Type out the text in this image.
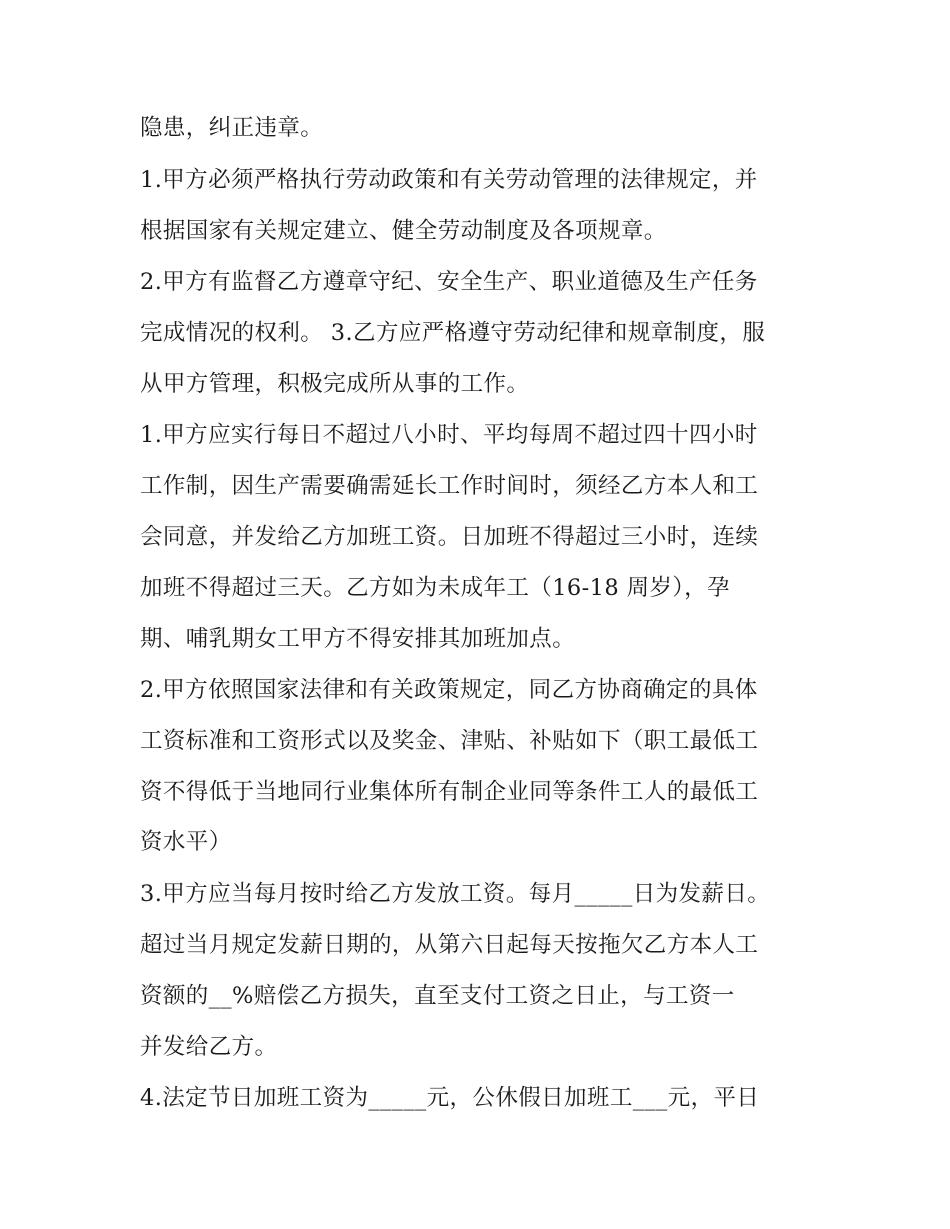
隐患，纠正违章。
1.甲方必须严格执行劳动政策和有关劳动管理的法律规定，并
根据国家有关规定建立、健全劳动制度及各项规章。
2.甲方有监督乙方遵章守纪、安全生产、职业道德及生产任务
完成情况的权利。 3.乙方应严格遵守劳动纪律和规章制度，服
从甲方管理，积极完成所从事的工作。
1.甲方应实行每日不超过八小时、平均每周不超过四十四小时
工作制，因生产需要确需延长工作时间时，须经乙方本人和工
会同意，并发给乙方加班工资。日加班不得超过三小时，连续
加班不得超过三天。乙方如为未成年工（16-18 周岁），孕
期、哺乳期女工甲方不得安排其加班加点。
2.甲方依照国家法律和有关政策规定，同乙方协商确定的具体
工资标准和工资形式以及奖金、津贴、补贴如下（职工最低工
资不得低于当地同行业集体所有制企业同等条件工人的最低工
资水平）
3.甲方应当每月按时给乙方发放工资。每月_____日为发薪日。
超过当月规定发薪日期的，从第六日起每天按拖欠乙方本人工
资额的__%赔偿乙方损失，直至支付工资之日止，与工资一
并发给乙方。
4.法定节日加班工资为_____元，公休假日加班工___元，平日
